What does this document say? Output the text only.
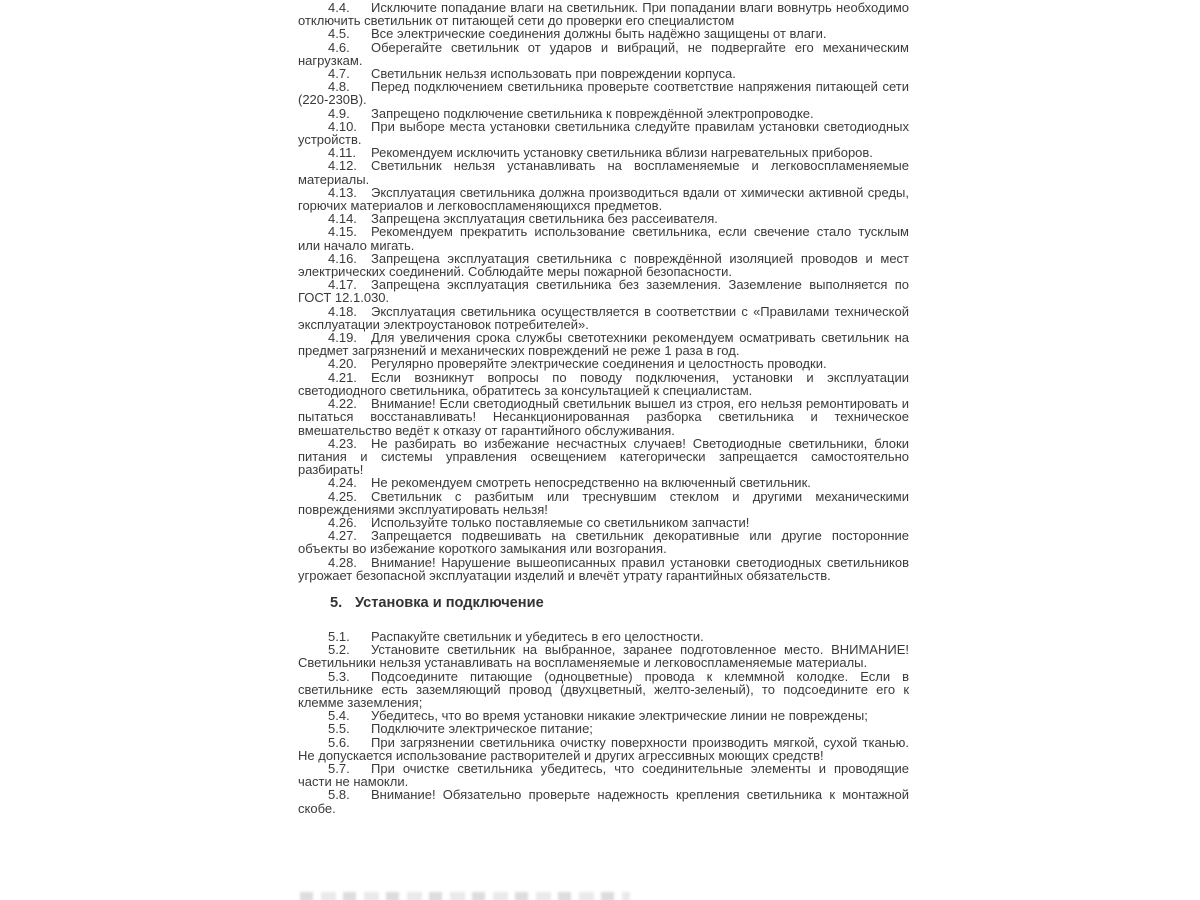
4.4. Исключите попадание влаги на светильник. При попадании влаги вовнутрь необходимо отключить светильник от питающей сети до проверки его специалистом

4.5. Все электрические соединения должны быть надёжно защищены от влаги.

4.6. Оберегайте светильник от ударов и вибраций, не подвергайте его механическим нагрузкам.

4.7. Светильник нельзя использовать при повреждении корпуса.

4.8. Перед подключением светильника проверьте соответствие напряжения питающей сети (220-230В).

4.9. Запрещено подключение светильника к повреждённой электропроводке.

4.10. При выборе места установки светильника следуйте правилам установки светодиодных устройств.

4.11. Рекомендуем исключить установку светильника вблизи нагревательных приборов.

4.12. Светильник нельзя устанавливать на воспламеняемые и легковоспламеняемые материалы.

4.13. Эксплуатация светильника должна производиться вдали от химически активной среды, горючих материалов и легковоспламеняющихся предметов.

4.14. Запрещена эксплуатация светильника без рассеивателя.

4.15. Рекомендуем прекратить использование светильника, если свечение стало тусклым или начало мигать.

4.16. Запрещена эксплуатация светильника с повреждённой изоляцией проводов и мест электрических соединений. Соблюдайте меры пожарной безопасности.

4.17. Запрещена эксплуатация светильника без заземления. Заземление выполняется по ГОСТ 12.1.030.

4.18. Эксплуатация светильника осуществляется в соответствии с «Правилами технической эксплуатации электроустановок потребителей».

4.19. Для увеличения срока службы светотехники рекомендуем осматривать светильник на предмет загрязнений и механических повреждений не реже 1 раза в год.

4.20. Регулярно проверяйте электрические соединения и целостность проводки.

4.21. Если возникнут вопросы по поводу подключения, установки и эксплуатации светодиодного светильника, обратитесь за консультацией к специалистам.

4.22. Внимание! Если светодиодный светильник вышел из строя, его нельзя ремонтировать и пытаться восстанавливать! Несанкционированная разборка светильника и техническое вмешательство ведёт к отказу от гарантийного обслуживания.

4.23. Не разбирать во избежание несчастных случаев! Светодиодные светильники, блоки питания и системы управления освещением категорически запрещается самостоятельно разбирать!

4.24. Не рекомендуем смотреть непосредственно на включенный светильник.

4.25. Светильник с разбитым или треснувшим стеклом и другими механическими повреждениями эксплуатировать нельзя!

4.26. Используйте только поставляемые со светильником запчасти!

4.27. Запрещается подвешивать на светильник декоративные или другие посторонние объекты во избежание короткого замыкания или возгорания.

4.28. Внимание! Нарушение вышеописанных правил установки светодиодных светильников угрожает безопасной эксплуатации изделий и влечёт утрату гарантийных обязательств.

5. Установка и подключение

5.1. Распакуйте светильник и убедитесь в его целостности.

5.2. Установите светильник на выбранное, заранее подготовленное место. ВНИМАНИЕ! Светильники нельзя устанавливать на воспламеняемые и легковоспламеняемые материалы.

5.3. Подсоедините питающие (одноцветные) провода к клеммной колодке. Если в светильнике есть заземляющий провод (двухцветный, желто-зеленый), то подсоедините его к клемме заземления;

5.4. Убедитесь, что во время установки никакие электрические линии не повреждены;

5.5. Подключите электрическое питание;

5.6. При загрязнении светильника очистку поверхности производить мягкой, сухой тканью. Не допускается использование растворителей и других агрессивных моющих средств!

5.7. При очистке светильника убедитесь, что соединительные элементы и проводящие части не намокли.

5.8. Внимание! Обязательно проверьте надежность крепления светильника к монтажной скобе.
